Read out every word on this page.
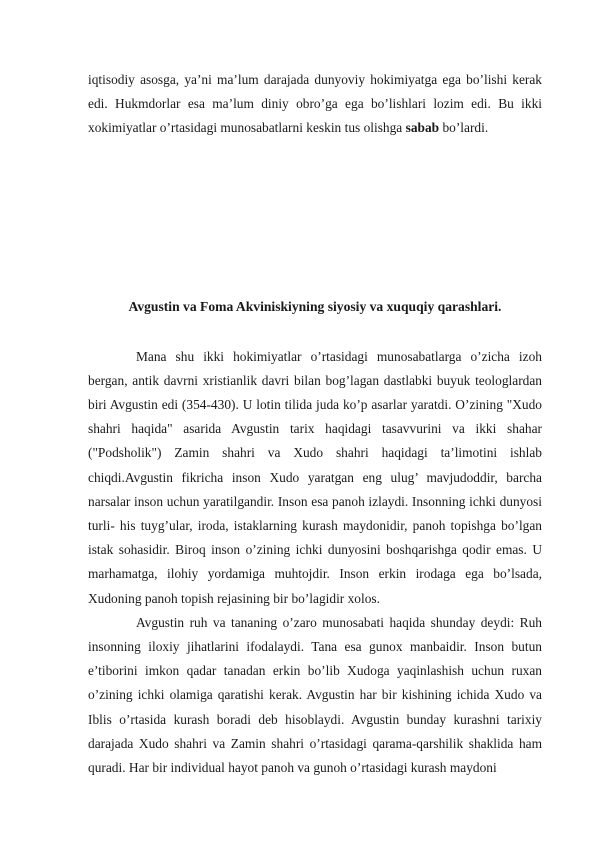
iqtisodiy asosga, ya’ni ma’lum darajada dunyoviy hokimiyatga ega bo’lishi kerak edi. Hukmdorlar esa ma’lum diniy obro’ga ega bo’lishlari lozim edi. Bu ikki xokimiyatlar o’rtasidagi munosabatlarni keskin tus olishga sabab bo’lardi.

Avgustin va Foma Akviniskiyning siyosiy va xuquqiy qarashlari.

Mana shu ikki hokimiyatlar o’rtasidagi munosabatlarga o’zicha izoh bergan, antik davrni xristianlik davri bilan bog’lagan dastlabki buyuk teologlardan biri Avgustin edi (354-430). U lotin tilida juda ko’p asarlar yaratdi. O’zining "Xudo shahri haqida" asarida Avgustin tarix haqidagi tasavvurini va ikki shahar ("Podsholik") Zamin shahri va Xudo shahri haqidagi ta’limotini ishlab chiqdi.Avgustin fikricha inson Xudo yaratgan eng ulug’ mavjudoddir, barcha narsalar inson uchun yaratilgandir. Inson esa panoh izlaydi. Insonning ichki dunyosi turli- his tuyg’ular, iroda, istaklarning kurash maydonidir, panoh topishga bo’lgan istak sohasidir. Biroq inson o’zining ichki dunyosini boshqarishga qodir emas. U marhamatga, ilohiy yordamiga muhtojdir. Inson erkin irodaga ega bo’lsada, Xudoning panoh topish rejasining bir bo’lagidir xolos.

Avgustin ruh va tananing o’zaro munosabati haqida shunday deydi: Ruh insonning iloxiy jihatlarini ifodalaydi. Tana esa gunox manbaidir. Inson butun e’tiborini imkon qadar tanadan erkin bo’lib Xudoga yaqinlashish uchun ruxan o’zining ichki olamiga qaratishi kerak. Avgustin har bir kishining ichida Xudo va Iblis o’rtasida kurash boradi deb hisoblaydi. Avgustin bunday kurashni tarixiy darajada Xudo shahri va Zamin shahri o’rtasidagi qarama-qarshilik shaklida ham quradi. Har bir individual hayot panoh va gunoh o’rtasidagi kurash maydoni
